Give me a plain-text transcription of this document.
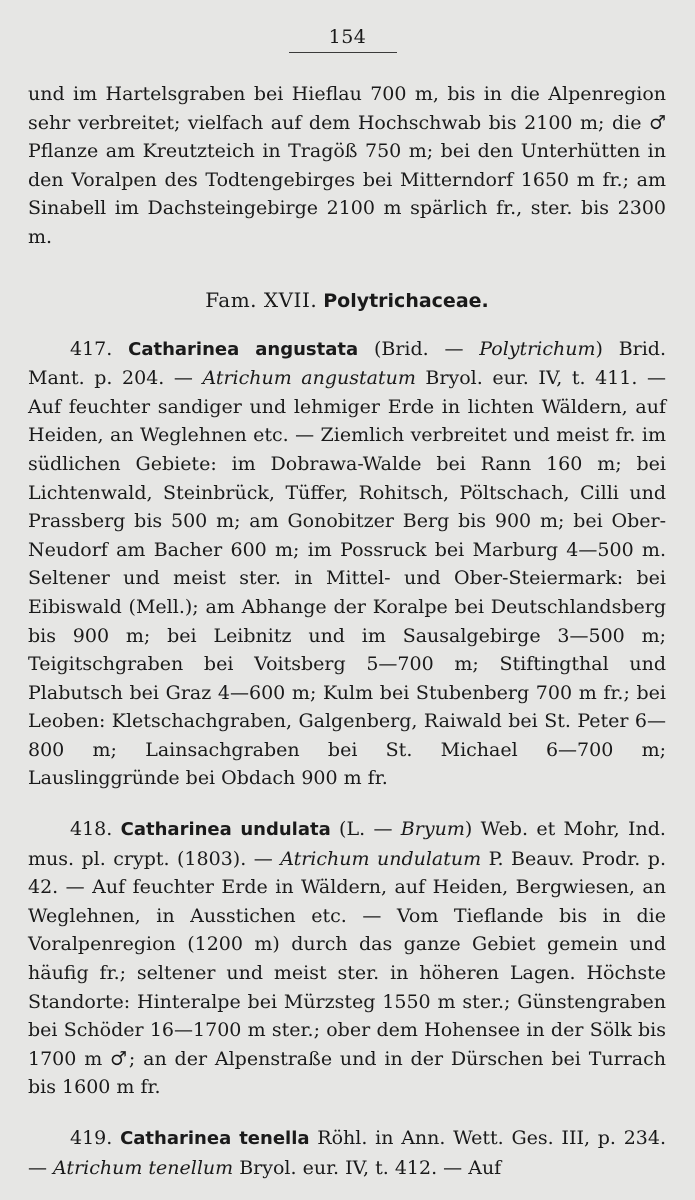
154

und im Hartelsgraben bei Hieflau 700 m, bis in die Alpenregion sehr verbreitet; vielfach auf dem Hochschwab bis 2100 m; die ♂ Pflanze am Kreutzteich in Tragöß 750 m; bei den Unterhütten in den Voralpen des Todtengebirges bei Mitterndorf 1650 m fr.; am Sinabell im Dachsteingebirge 2100 m spärlich fr., ster. bis 2300 m.

Fam. XVII. Polytrichaceae.

417. Catharinea angustata (Brid. — Polytrichum) Brid. Mant. p. 204. — Atrichum angustatum Bryol. eur. IV, t. 411. — Auf feuchter sandiger und lehmiger Erde in lichten Wäldern, auf Heiden, an Weglehnen etc. — Ziemlich verbreitet und meist fr. im südlichen Gebiete: im Dobrawa-Walde bei Rann 160 m; bei Lichtenwald, Steinbrück, Tüffer, Rohitsch, Pöltschach, Cilli und Prassberg bis 500 m; am Gonobitzer Berg bis 900 m; bei Ober-Neudorf am Bacher 600 m; im Possruck bei Marburg 4—500 m. Seltener und meist ster. in Mittel- und Ober-Steiermark: bei Eibiswald (Mell.); am Abhange der Koralpe bei Deutschlandsberg bis 900 m; bei Leibnitz und im Sausalgebirge 3—500 m; Teigitschgraben bei Voitsberg 5—700 m; Stiftingthal und Plabutsch bei Graz 4—600 m; Kulm bei Stubenberg 700 m fr.; bei Leoben: Kletschachgraben, Galgenberg, Raiwald bei St. Peter 6—800 m; Lainsachgraben bei St. Michael 6—700 m; Lauslinggründe bei Obdach 900 m fr.

418. Catharinea undulata (L. — Bryum) Web. et Mohr, Ind. mus. pl. crypt. (1803). — Atrichum undulatum P. Beauv. Prodr. p. 42. — Auf feuchter Erde in Wäldern, auf Heiden, Bergwiesen, an Weglehnen, in Ausstichen etc. — Vom Tieflande bis in die Voralpenregion (1200 m) durch das ganze Gebiet gemein und häufig fr.; seltener und meist ster. in höheren Lagen. Höchste Standorte: Hinteralpe bei Mürzsteg 1550 m ster.; Günstengraben bei Schöder 16—1700 m ster.; ober dem Hohensee in der Sölk bis 1700 m ♂; an der Alpenstraße und in der Dürschen bei Turrach bis 1600 m fr.

419. Catharinea tenella Röhl. in Ann. Wett. Ges. III, p. 234. — Atrichum tenellum Bryol. eur. IV, t. 412. — Auf
